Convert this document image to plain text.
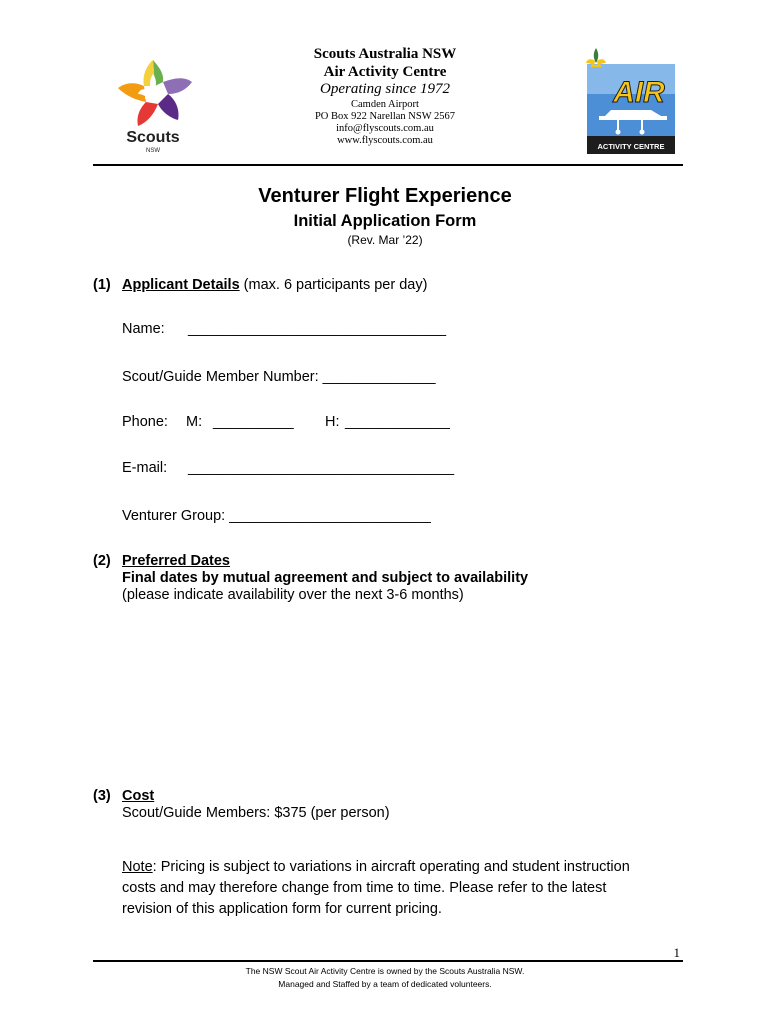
Scouts
NSW
Scouts Australia NSW
Air Activity Centre
Operating since 1972
Camden Airport
PO Box 922 Narellan NSW 2567
info@flyscouts.com.au
www.flyscouts.com.au
AIR
ACTIVITY CENTRE
Venturer Flight Experience
Initial Application Form
(Rev. Mar ’22)
(1) Applicant Details (max. 6 participants per day)
Name: ________________________________
Scout/Guide Member Number: ______________
Phone: M: __________ H: _____________
E-mail: _________________________________
Venturer Group: _________________________
(2) Preferred Dates
Final dates by mutual agreement and subject to availability
(please indicate availability over the next 3-6 months)
(3) Cost
Scout/Guide Members: $375 (per person)
Note: Pricing is subject to variations in aircraft operating and student instruction
costs and may therefore change from time to time. Please refer to the latest
revision of this application form for current pricing.
1
The NSW Scout Air Activity Centre is owned by the Scouts Australia NSW.
Managed and Staffed by a team of dedicated volunteers.
